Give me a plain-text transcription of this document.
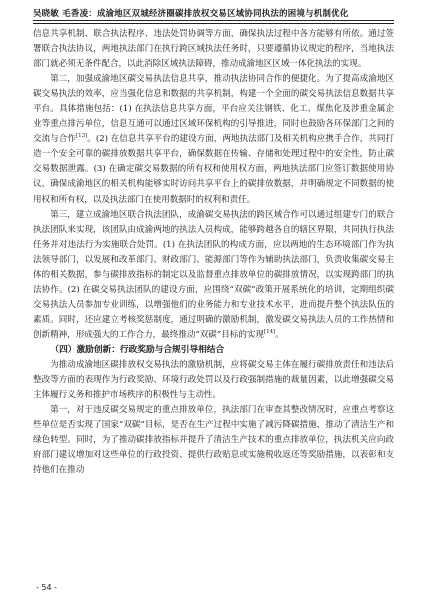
吴晓敏 毛香凌：成渝地区双城经济圈碳排放权交易区域协同执法的困境与机制优化

信息共享机制、联合执法程序、违法处罚协调等方面，确保执法过程中各方能够有所依。通过签署联合执法协议，两地执法部门在执行跨区域执法任务时，只要遵循协议规定的程序，当地执法部门就必须无条件配合，以此消除区域执法障碍，推动成渝地区区域一体化执法的实现。

第二，加强成渝地区碳交易执法信息共享，推动执法协同合作的便捷化。为了提高成渝地区碳交易执法的效率，应当强化信息和数据的共享机制，构建一个全面的碳交易执法信息数据共享平台。具体措施包括：(1) 在执法信息共享方面，平台应关注钢铁、化工、煤焦化及涉重金属企业等重点排污单位，信息互通可以通过区域环保机构的引导推进，同时也鼓励各环保部门之间的交流与合作[13]。(2) 在信息共享平台的建设方面，两地执法部门及相关机构应携手合作，共同打造一个安全可靠的碳排放数据共享平台，确保数据在传输、存储和处理过程中的安全性，防止碳交易数据泄露。(3) 在确定碳交易数据的所有权和使用权方面，两地执法部门应签订数据使用协议，确保成渝地区的相关机构能够实时访问共享平台上的碳排放数据，并明确规定不同数据的使用权和所有权，以及执法部门在使用数据时的权利和责任。

第三，建立成渝地区联合执法团队，成渝碳交易执法的跨区域合作可以通过组建专门的联合执法团队来实现，该团队由成渝两地的执法人员构成，能够跨越各自的辖区界限，共同执行执法任务并对违法行为实施联合处罚。(1) 在执法团队的构成方面，应以两地的生态环境部门作为执法领导部门，以发展和改革部门、财政部门、能源部门等作为辅助执法部门，负责收集碳交易主体的相关数据，参与碳排放指标的制定以及监督重点排放单位的碳排放情况，以实现跨部门的执法协作。(2) 在碳交易执法团队的建设方面，应围绕“双碳”政策开展系统化的培训，定期组织碳交易执法人员参加专业训练，以增强他们的业务能力和专业技术水平，进而提升整个执法队伍的素质。同时，还应建立考核奖惩制度，通过明确的激励机制，激发碳交易执法人员的工作热情和创新精神，形成强大的工作合力，最终推动“双碳”目标的实现[14]。

（四）激励创新：行政奖励与合规引导相结合

为推动成渝地区碳排放权交易执法的激励机制，应将碳交易主体在履行碳排放责任和违法后整改等方面的表现作为行政奖励、环境行政处罚以及行政强制措施的裁量因素，以此增强碳交易主体履行义务和推护市场秩序的积极性与主动性。

第一，对于违反碳交易规定的重点排放单位，执法部门在审查其整改情况时，应重点考察这些单位是否实现了国家“双碳”目标，是否在生产过程中实施了减污降碳措施，推动了清洁生产和绿色转型。同时，为了推动碳排放指标并提升了清洁生产技术的重点排放单位，执法机关应向政府部门建议增加对这些单位的行政投资、提供行政贴息或实施税收返还等奖励措施，以表彰和支持他们在推动

- 54 -
